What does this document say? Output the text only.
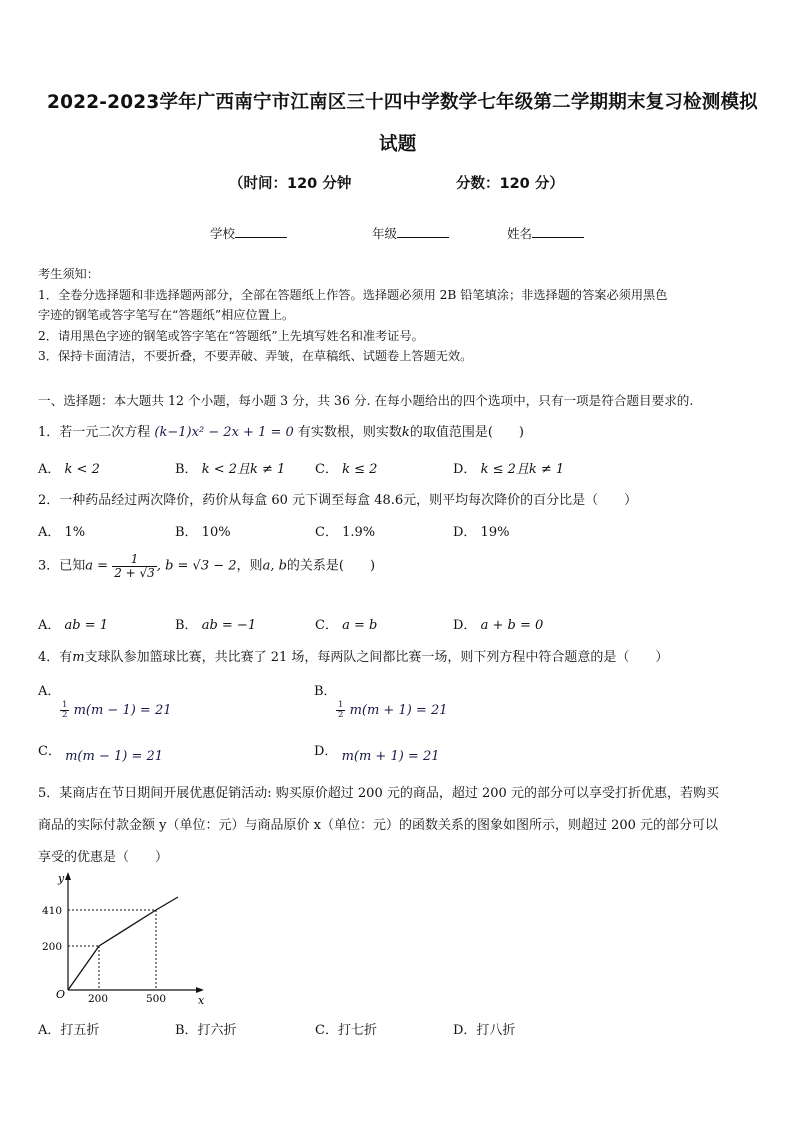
2022-2023学年广西南宁市江南区三十四中学数学七年级第二学期期末复习检测模拟
试题
（时间：120 分钟	分数：120 分）
学校	年级	姓名
考生须知：
1．全卷分选择题和非选择题两部分，全部在答题纸上作答。选择题必须用 2B 铅笔填涂；非选择题的答案必须用黑色
字迹的钢笔或答字笔写在“答题纸”相应位置上。
2．请用黑色字迹的钢笔或答字笔在“答题纸”上先填写姓名和准考证号。
3．保持卡面清洁，不要折叠，不要弄破、弄皱，在草稿纸、试题卷上答题无效。
一、选择题：本大题共 12 个小题，每小题 3 分，共 36 分. 在每小题给出的四个选项中，只有一项是符合题目要求的.
1．若一元二次方程 (k−1)x² − 2x + 1 = 0 有实数根，则实数k的取值范围是(　　)
A． k < 2	B． k < 2且k ≠ 1 C． k ≤ 2	D． k ≤ 2且k ≠ 1
2．一种药品经过两次降价，药价从每盒 60 元下调至每盒 48.6元，则平均每次降价的百分比是（　　）
A． 1%	B． 10%	C． 1.9%	D． 19%
3．已知$a = \frac{1}{2 + √3}$ , b = √3 − 2，则a, b的关系是(　　)
A． ab = 1	B． ab = −1	C． a = b	D． a + b = 0
4．有m支球队参加篮球比赛，共比赛了 21 场，每两队之间都比赛一场，则下列方程中符合题意的是（　　）
A．
$\frac{1}{2} m(m - 1) = 21$
B．
$\frac{1}{2} m(m + 1) = 21$
C． m(m − 1) = 21	D． m(m + 1) = 21
5．某商店在节日期间开展优惠促销活动: 购买原价超过 200 元的商品，超过 200 元的部分可以享受打折优惠，若购买
商品的实际付款金额 y（单位：元）与商品原价 x（单位：元）的函数关系的图象如图所示，则超过 200 元的部分可以
享受的优惠是（　　）
y
x
O
410
200
200	500
A．打五折	B．打六折	C．打七折	D．打八折
